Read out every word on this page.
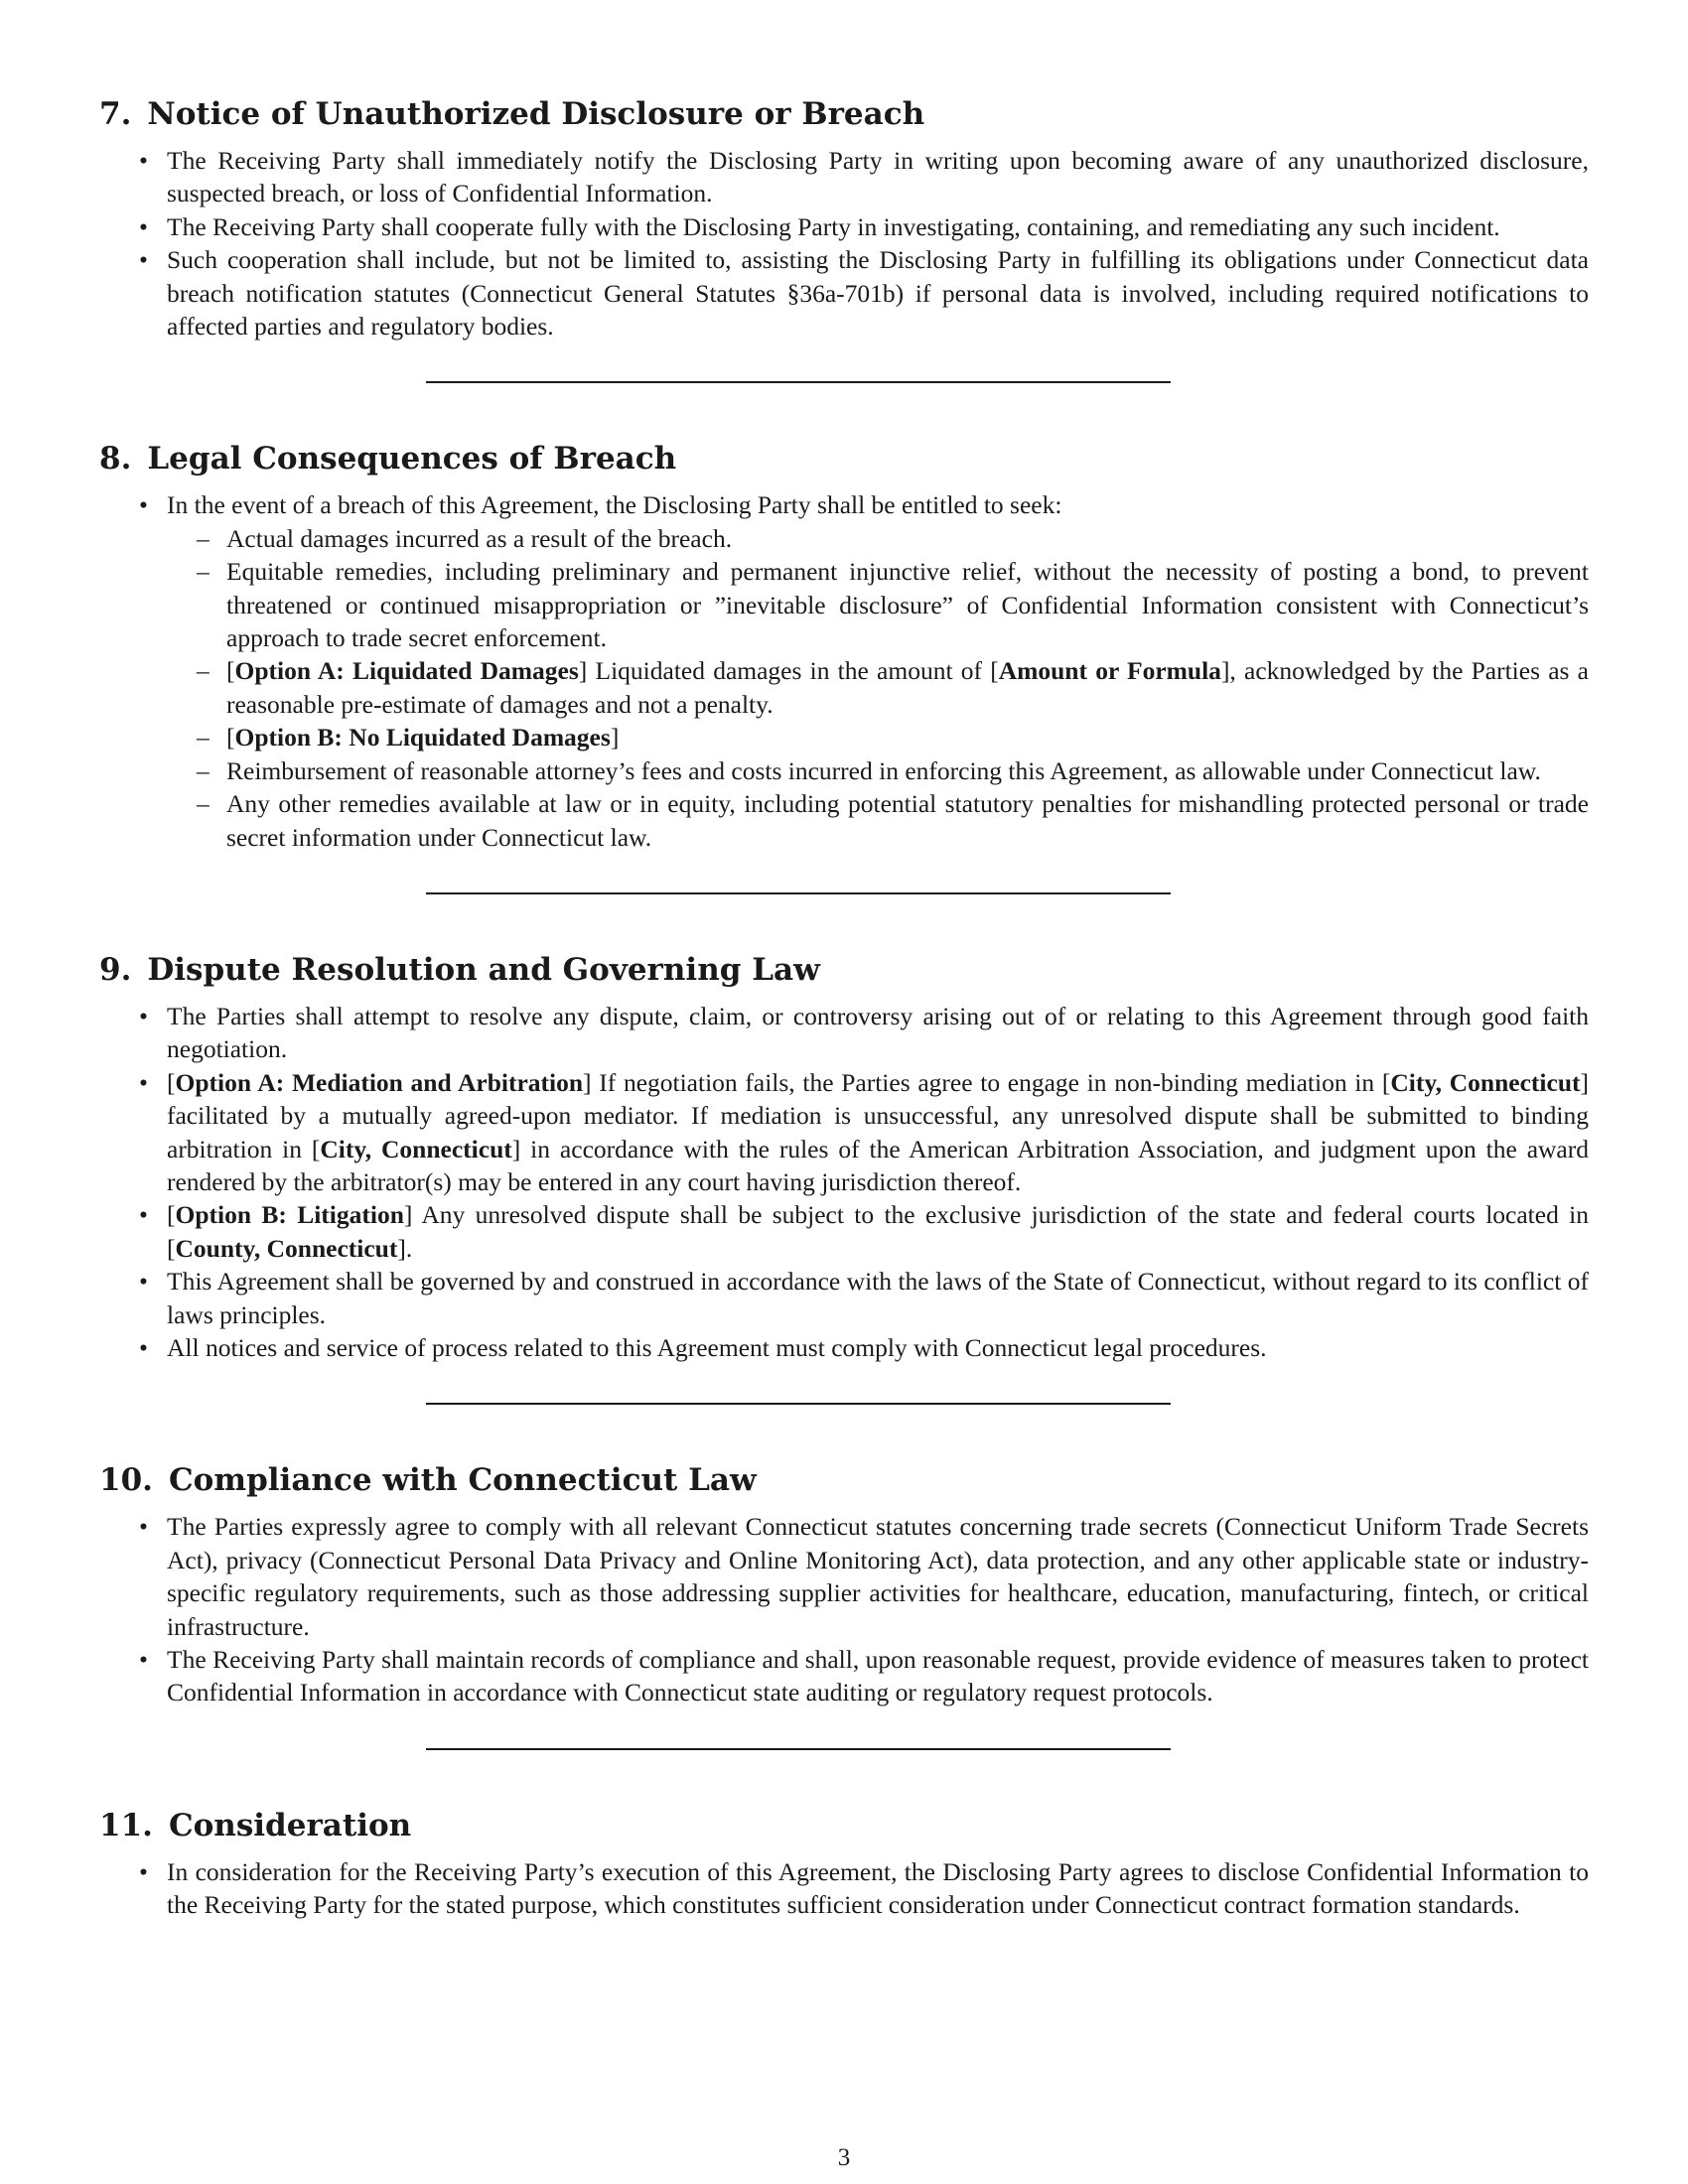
7. Notice of Unauthorized Disclosure or Breach
• The Receiving Party shall immediately notify the Disclosing Party in writing upon becoming aware of any unauthorized disclosure, suspected breach, or loss of Confidential Information.
• The Receiving Party shall cooperate fully with the Disclosing Party in investigating, containing, and remediating any such incident.
• Such cooperation shall include, but not be limited to, assisting the Disclosing Party in fulfilling its obligations under Connecticut data breach notification statutes (Connecticut General Statutes §36a-701b) if personal data is involved, including required notifications to affected parties and regulatory bodies.
8. Legal Consequences of Breach
• In the event of a breach of this Agreement, the Disclosing Party shall be entitled to seek:
– Actual damages incurred as a result of the breach.
– Equitable remedies, including preliminary and permanent injunctive relief, without the necessity of posting a bond, to prevent threatened or continued misappropriation or ”inevitable disclosure” of Confidential Information consistent with Connecticut’s approach to trade secret enforcement.
– [Option A: Liquidated Damages] Liquidated damages in the amount of [Amount or Formula], acknowledged by the Parties as a reasonable pre-estimate of damages and not a penalty.
– [Option B: No Liquidated Damages]
– Reimbursement of reasonable attorney’s fees and costs incurred in enforcing this Agreement, as allowable under Connecticut law.
– Any other remedies available at law or in equity, including potential statutory penalties for mishandling protected personal or trade secret information under Connecticut law.
9. Dispute Resolution and Governing Law
• The Parties shall attempt to resolve any dispute, claim, or controversy arising out of or relating to this Agreement through good faith negotiation.
• [Option A: Mediation and Arbitration] If negotiation fails, the Parties agree to engage in non-binding mediation in [City, Connecticut] facilitated by a mutually agreed-upon mediator. If mediation is unsuccessful, any unresolved dispute shall be submitted to binding arbitration in [City, Connecticut] in accordance with the rules of the American Arbitration Association, and judgment upon the award rendered by the arbitrator(s) may be entered in any court having jurisdiction thereof.
• [Option B: Litigation] Any unresolved dispute shall be subject to the exclusive jurisdiction of the state and federal courts located in [County, Connecticut].
• This Agreement shall be governed by and construed in accordance with the laws of the State of Connecticut, without regard to its conflict of laws principles.
• All notices and service of process related to this Agreement must comply with Connecticut legal procedures.
10. Compliance with Connecticut Law
• The Parties expressly agree to comply with all relevant Connecticut statutes concerning trade secrets (Connecticut Uniform Trade Secrets Act), privacy (Connecticut Personal Data Privacy and Online Monitoring Act), data protection, and any other applicable state or industry-specific regulatory requirements, such as those addressing supplier activities for healthcare, education, manufacturing, fintech, or critical infrastructure.
• The Receiving Party shall maintain records of compliance and shall, upon reasonable request, provide evidence of measures taken to protect Confidential Information in accordance with Connecticut state auditing or regulatory request protocols.
11. Consideration
• In consideration for the Receiving Party’s execution of this Agreement, the Disclosing Party agrees to disclose Confidential Information to the Receiving Party for the stated purpose, which constitutes sufficient consideration under Connecticut contract formation standards.
3
